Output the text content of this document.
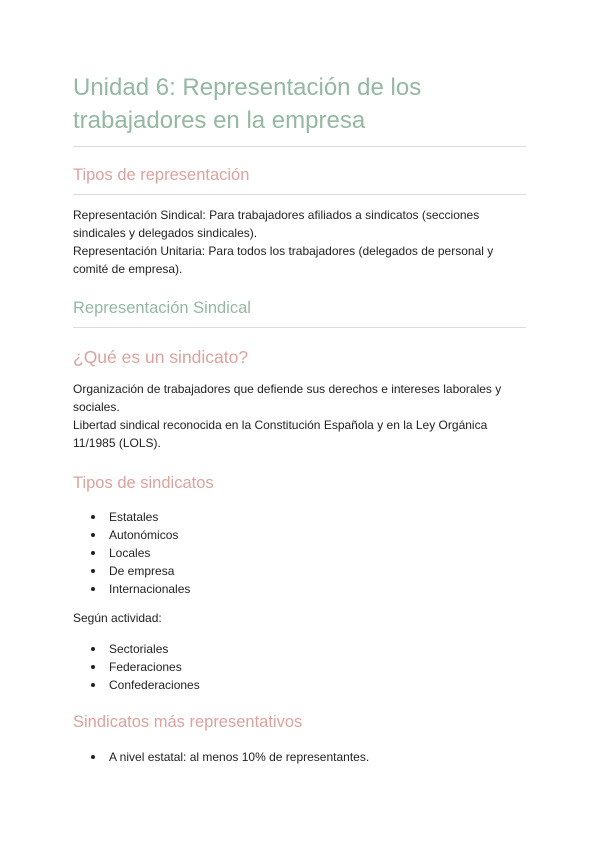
Unidad 6: Representación de los trabajadores en la empresa
Tipos de representación

Representación Sindical: Para trabajadores afiliados a sindicatos (secciones sindicales y delegados sindicales).

Representación Unitaria: Para todos los trabajadores (delegados de personal y comité de empresa).

Representación Sindical
¿Qué es un sindicato?

Organización de trabajadores que defiende sus derechos e intereses laborales y sociales.

Libertad sindical reconocida en la Constitución Española y en la Ley Orgánica 11/1985 (LOLS).

Tipos de sindicatos
Estatales
Autonómicos
Locales
De empresa
Internacionales

Según actividad:

Sectoriales
Federaciones
Confederaciones
Sindicatos más representativos
A nivel estatal: al menos 10% de representantes.
